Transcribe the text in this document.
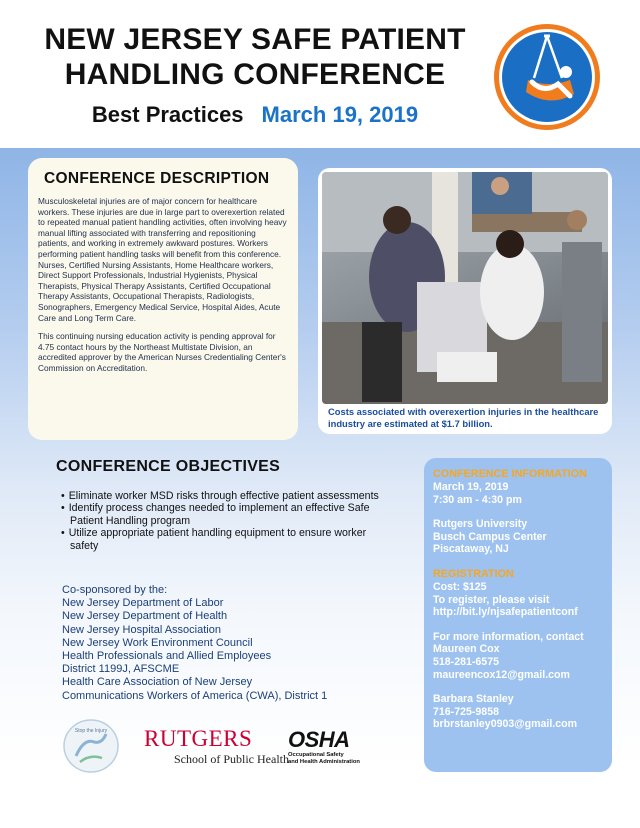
NEW JERSEY SAFE PATIENT
HANDLING CONFERENCE
Best Practices March 19, 2019
CONFERENCE DESCRIPTION

Musculoskeletal injuries are of major concern for healthcare workers. These injuries are due in large part to overexertion related to repeated manual patient handling activities, often involving heavy manual lifting associated with transferring and repositioning patients, and working in extremely awkward postures. Workers performing patient handling tasks will benefit from this conference. Nurses, Certified Nursing Assistants, Home Healthcare workers, Direct Support Professionals, Industrial Hygienists, Physical Therapists, Physical Therapy Assistants, Certified Occupational Therapy Assistants, Occupational Therapists, Radiologists, Sonographers, Emergency Medical Service, Hospital Aides, Acute Care and Long Term Care.

This continuing nursing education activity is pending approval for 4.75 contact hours by the Northeast Multistate Division, an accredited approver by the American Nurses Credentialing Center's Commission on Accreditation.

Costs associated with overexertion injuries in the healthcare industry are estimated at $1.7 billion.
CONFERENCE OBJECTIVES
• Eliminate worker MSD risks through effective patient assessments
• Identify process changes needed to implement an effective Safe Patient Handling program
• Utilize appropriate patient handling equipment to ensure worker safety
Co-sponsored by the:
New Jersey Department of Labor
New Jersey Department of Health
New Jersey Hospital Association
New Jersey Work Environment Council
Health Professionals and Allied Employees
District 1199J, AFSCME
Health Care Association of New Jersey
Communications Workers of America (CWA), District 1
CONFERENCE INFORMATION
March 19, 2019
7:30 am - 4:30 pm
Rutgers University
Busch Campus Center
Piscataway, NJ
REGISTRATION
Cost: $125
To register, please visit
http://bit.ly/njsafepatientconf
For more information, contact
Maureen Cox
518-281-6575
maureencox12@gmail.com
Barbara Stanley
716-725-9858
brbrstanley0903@gmail.com
Stop the Injury RUTGERS
School of Public Health
OSHA
Occupational Safety
and Health Administration
